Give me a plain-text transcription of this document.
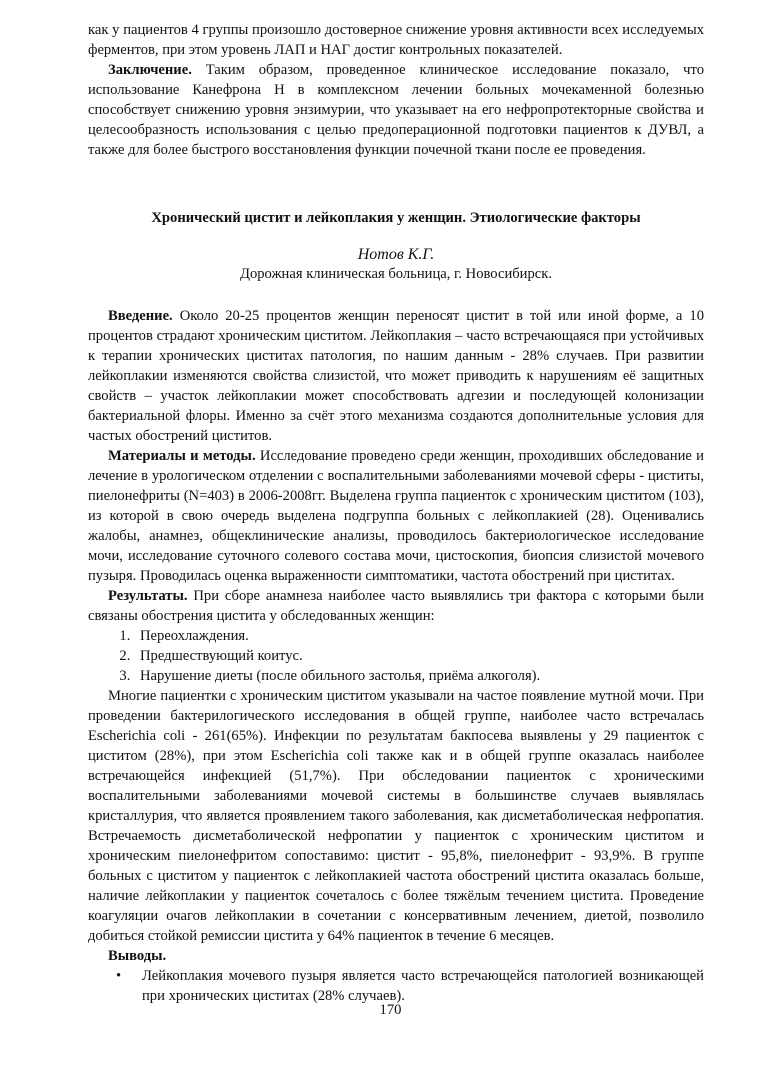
как у пациентов 4 группы произошло достоверное снижение уровня активности всех исследуемых ферментов, при этом уровень ЛАП и НАГ достиг контрольных показателей.

Заключение. Таким образом, проведенное клиническое исследование показало, что использование Канефрона Н в комплексном лечении больных мочекаменной болезнью способствует снижению уровня энзимурии, что указывает на его нефропротекторные свойства и целесообразность использования с целью предоперационной подготовки пациентов к ДУВЛ, а также для более быстрого восстановления функции почечной ткани после ее проведения.

Хронический цистит и лейкоплакия у женщин. Этиологические факторы
Нотов К.Г.
Дорожная клиническая больница, г. Новосибирск.

Введение. Около 20-25 процентов женщин переносят цистит в той или иной форме, а 10 процентов страдают хроническим циститом. Лейкоплакия – часто встречающаяся при устойчивых к терапии хронических циститах патология, по нашим данным - 28% случаев. При развитии лейкоплакии изменяются свойства слизистой, что может приводить к нарушениям её защитных свойств – участок лейкоплакии может способствовать адгезии и последующей колонизации бактериальной флоры. Именно за счёт этого механизма создаются дополнительные условия для частых обострений циститов.

Материалы и методы. Исследование проведено среди женщин, проходивших обследование и лечение в урологическом отделении с воспалительными заболеваниями мочевой сферы - циститы, пиелонефриты (N=403) в 2006-2008гг. Выделена группа пациенток с хроническим циститом (103), из которой в свою очередь выделена подгруппа больных с лейкоплакией (28). Оценивались жалобы, анамнез, общеклинические анализы, проводилось бактериологическое исследование мочи, исследование суточного солевого состава мочи, цистоскопия, биопсия слизистой мочевого пузыря. Проводилась оценка выраженности симптоматики, частота обострений при циститах.

Результаты. При сборе анамнеза наиболее часто выявлялись три фактора с которыми были связаны обострения цистита у обследованных женщин:

1. Переохлаждения.
2. Предшествующий коитус.
3. Нарушение диеты (после обильного застолья, приёма алкоголя).

Многие пациентки с хроническим циститом указывали на частое появление мутной мочи. При проведении бактерилогического исследования в общей группе, наиболее часто встречалась Escherichia coli - 261(65%). Инфекции по результатам бакпосева выявлены у 29 пациенток с циститом (28%), при этом Escherichia coli также как и в общей группе оказалась наиболее встречающейся инфекцией (51,7%). При обследовании пациенток с хроническими воспалительными заболеваниями мочевой системы в большинстве случаев выявлялась кристаллурия, что является проявлением такого заболевания, как дисметаболическая нефропатия. Встречаемость дисметаболической нефропатии у пациенток с хроническим циститом и хроническим пиелонефритом сопоставимо: цистит - 95,8%, пиелонефрит - 93,9%. В группе больных с циститом у пациенток с лейкоплакией частота обострений цистита оказалась больше, наличие лейкоплакии у пациенток сочеталось с более тяжёлым течением цистита. Проведение коагуляции очагов лейкоплакии в сочетании с консервативным лечением, диетой, позволило добиться стойкой ремиссии цистита у 64% пациенток в течение 6 месяцев.

Выводы.

• Лейкоплакия мочевого пузыря является часто встречающейся патологией возникающей при хронических циститах (28% случаев).
170
